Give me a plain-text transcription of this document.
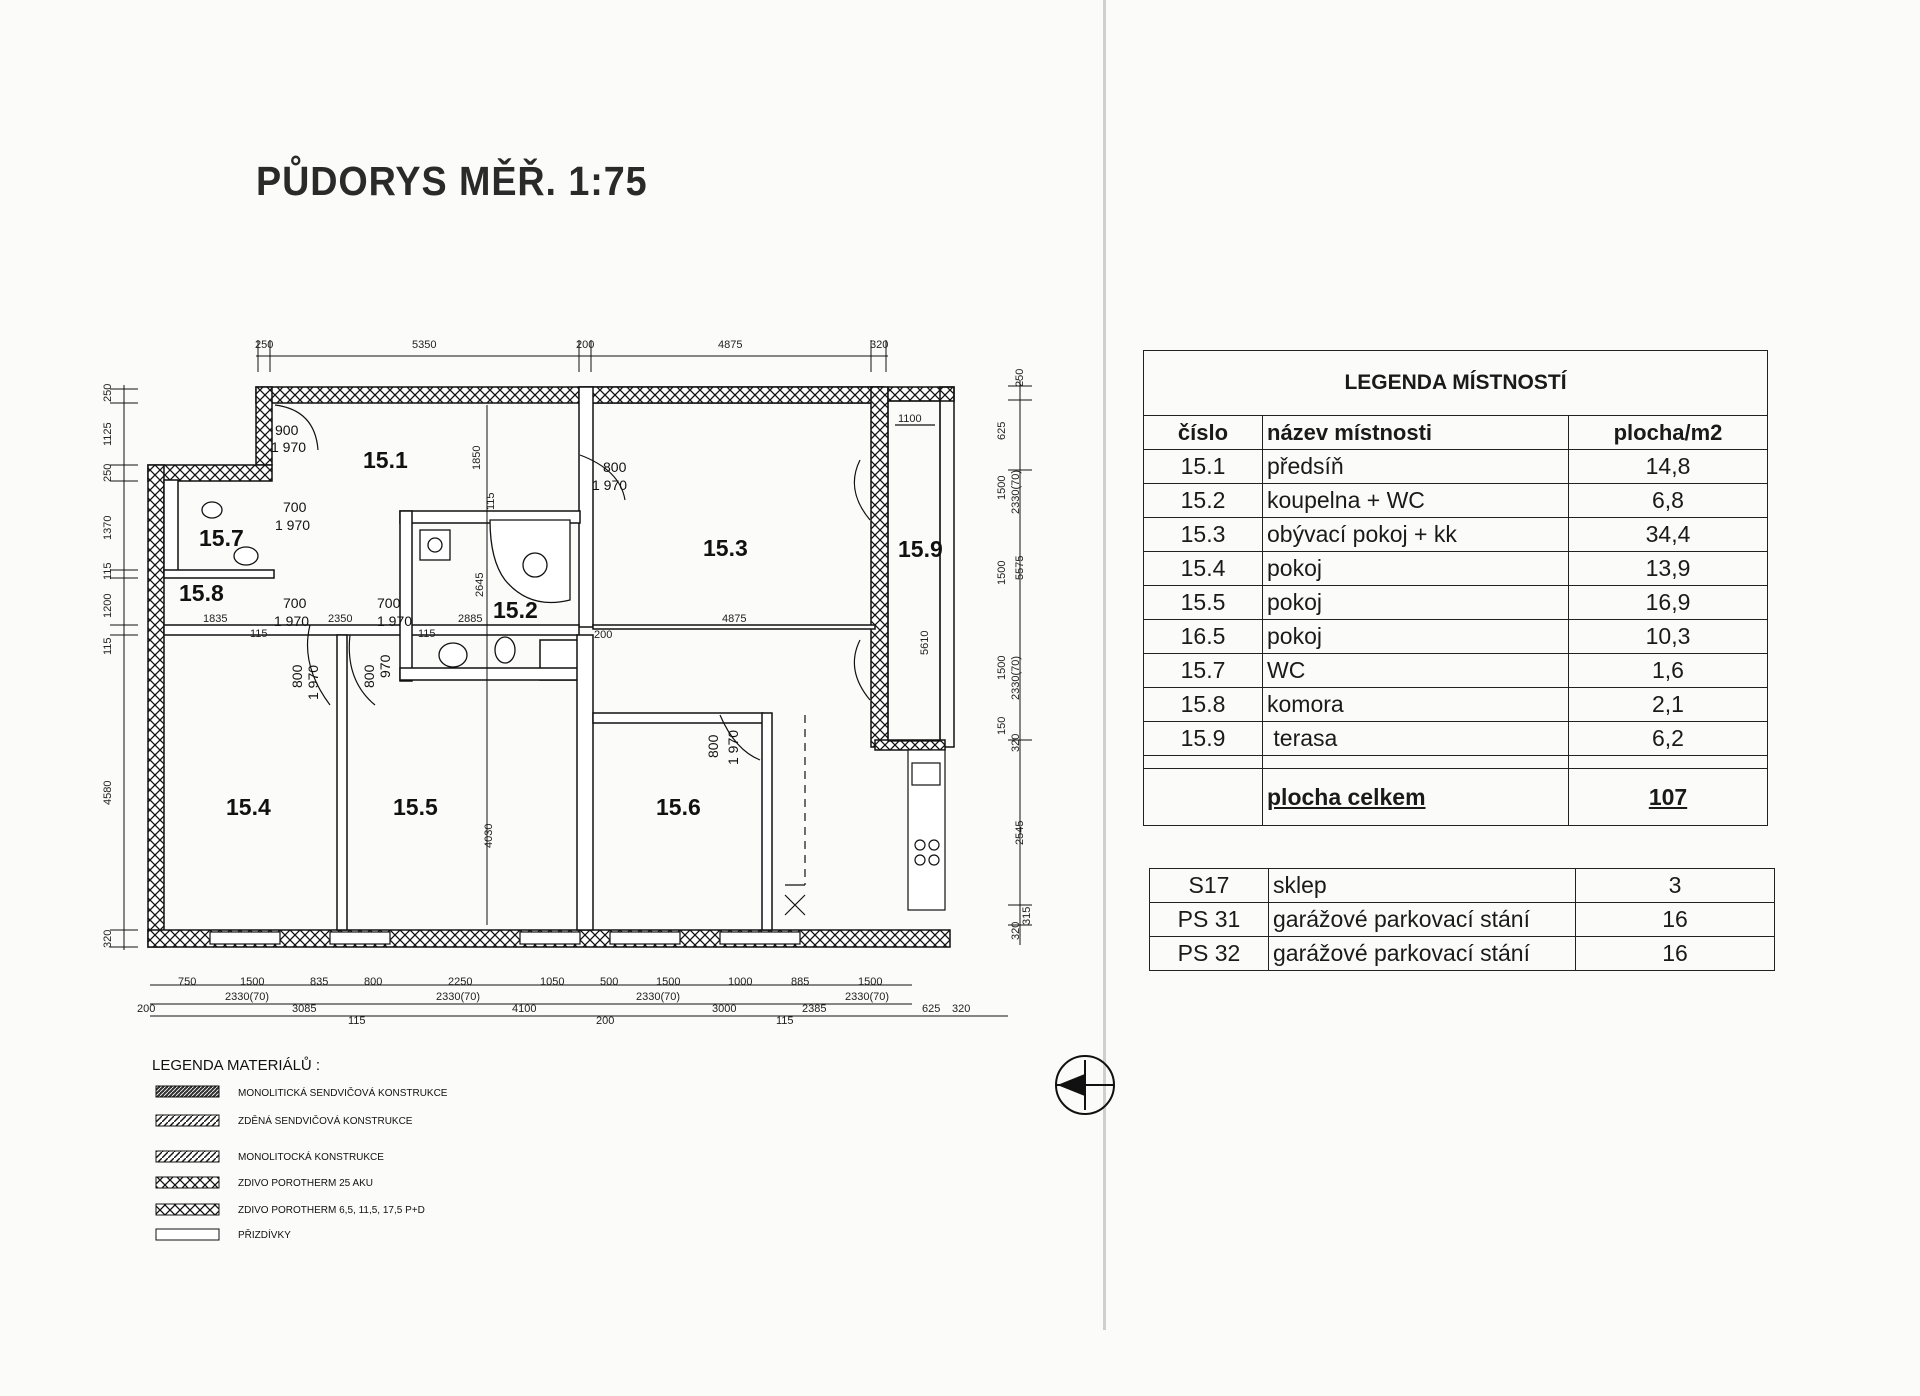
PŮDORYS MĚŘ. 1:75
15.1
15.2
15.3
15.4	15.5	15.6
15.7
15.8
15.9
250	5350	200	4875	320
250
1125
250
1370
115
1200
115
4580
320
250
625
1500 2330(70)
5575
1500
5610
1500 2330(70)
150
320
2545
320
315
1850
115
2645
1835	2350	2885	4875
200
115	115
4030
1100
900
1 970
700
1 970
800
1 970
700
1 970
700
1 970
800 1 970	800 970
800 1 970
750	1500	835	800	2250	1050	500	1500	1000	885	1500
200
2330(70)
3085
2330(70)
4100
2330(70)
3000	2385
2330(70)
625 320
115	200	115
LEGENDA MATERIÁLŮ :
MONOLITICKÁ SENDVIČOVÁ KONSTRUKCE
ZDĚNÁ SENDVIČOVÁ KONSTRUKCE
MONOLITOCKÁ KONSTRUKCE
ZDIVO POROTHERM 25 AKU
ZDIVO POROTHERM 6,5, 11,5, 17,5 P+D
PŘIZDÍVKY
LEGENDA MÍSTNOSTÍ		
číslo	název místnosti	plocha/m2
15.1	předsíň	14,8
15.2	koupelna + WC	6,8
15.3	obývací pokoj + kk	34,4
15.4	pokoj	13,9
15.5	pokoj	16,9
16.5	pokoj	10,3
15.7	WC	1,6
15.8	komora	2,1
15.9	terasa	6,2

	plocha celkem	107
S17	sklep	3
PS 31	garážové parkovací stání	16
PS 32	garážové parkovací stání	16
